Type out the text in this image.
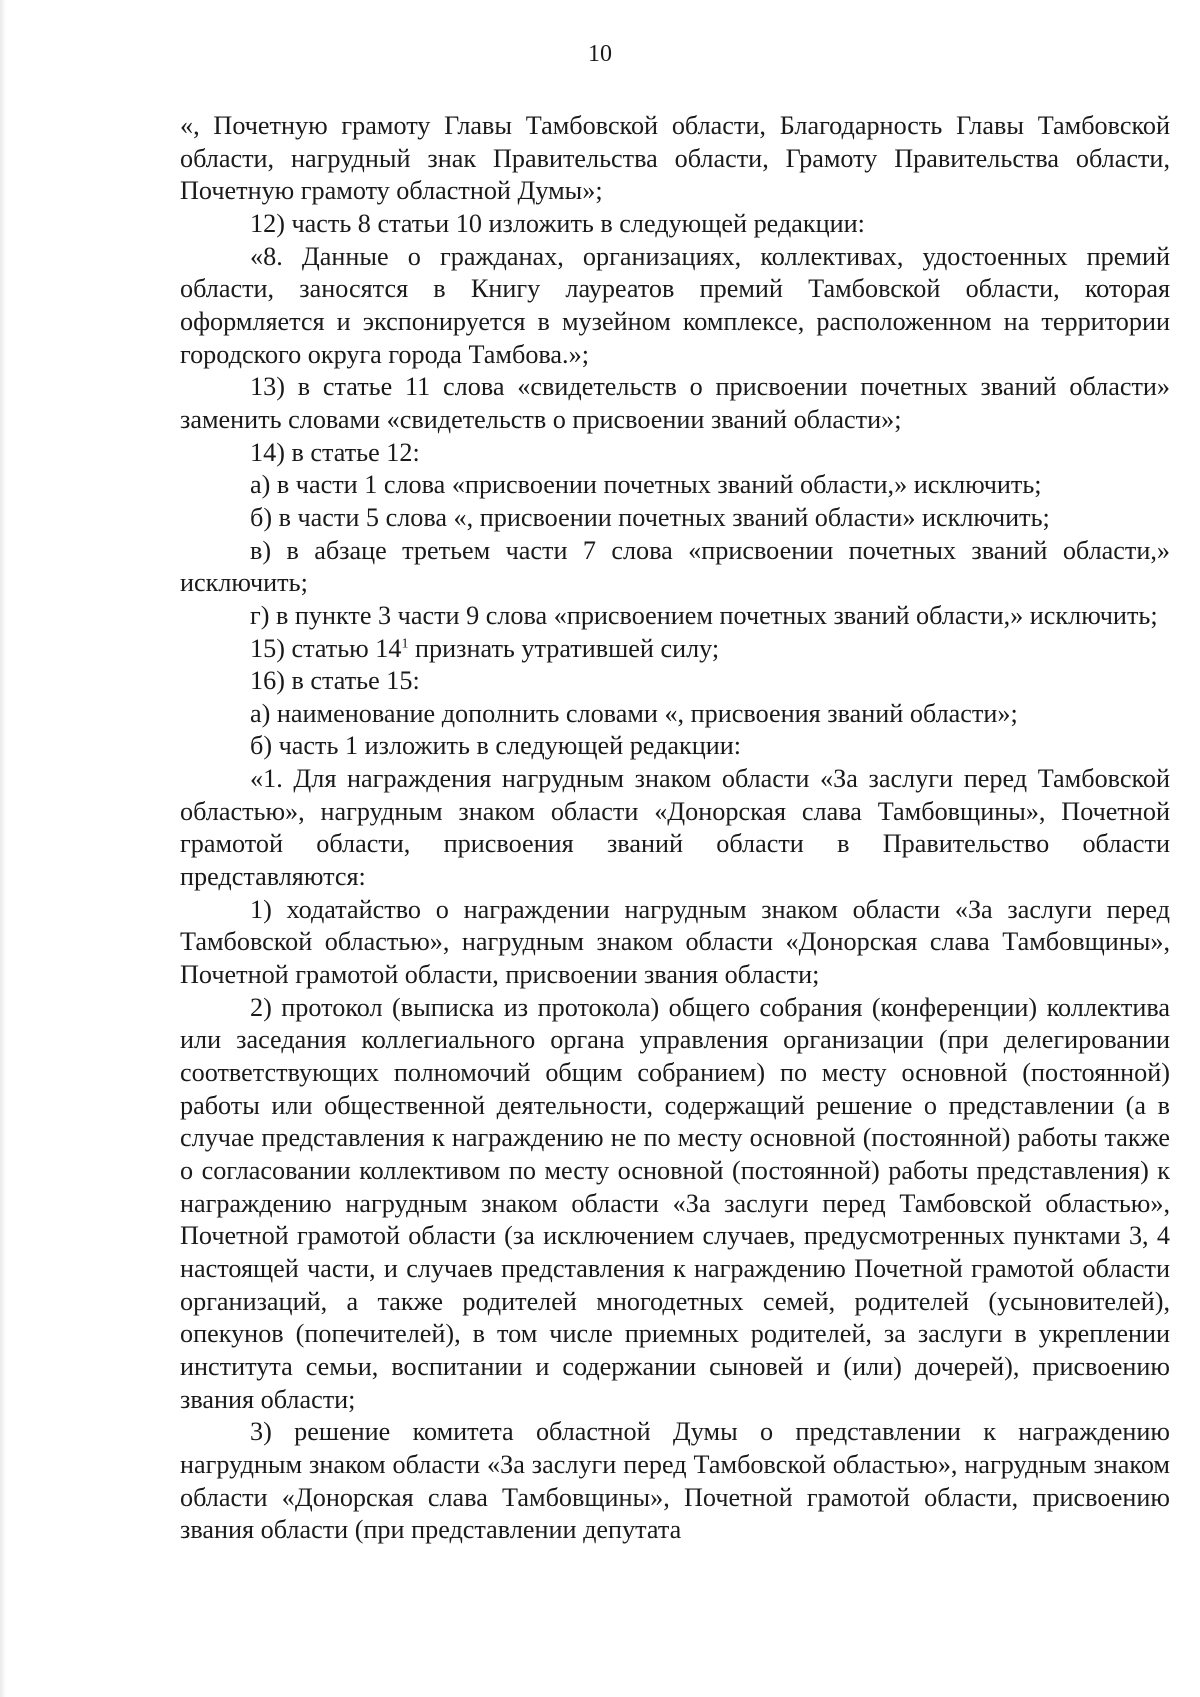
10

«, Почетную грамоту Главы Тамбовской области, Благодарность Главы Тамбовской области, нагрудный знак Правительства области, Грамоту Правительства области, Почетную грамоту областной Думы»;

12) часть 8 статьи 10 изложить в следующей редакции:

«8. Данные о гражданах, организациях, коллективах, удостоенных премий области, заносятся в Книгу лауреатов премий Тамбовской области, которая оформляется и экспонируется в музейном комплексе, расположенном на территории городского округа города Тамбова.»;

13) в статье 11 слова «свидетельств о присвоении почетных званий области» заменить словами «свидетельств о присвоении званий области»;

14) в статье 12:

а) в части 1 слова «присвоении почетных званий области,» исключить;

б) в части 5 слова «, присвоении почетных званий области» исключить;

в) в абзаце третьем части 7 слова «присвоении почетных званий области,» исключить;

г) в пункте 3 части 9 слова «присвоением почетных званий области,» исключить;

15) статью $14^1$ признать утратившей силу;

16) в статье 15:

а) наименование дополнить словами «, присвоения званий области»;

б) часть 1 изложить в следующей редакции:

«1. Для награждения нагрудным знаком области «За заслуги перед Тамбовской областью», нагрудным знаком области «Донорская слава Тамбовщины», Почетной грамотой области, присвоения званий области в Правительство области представляются:

1) ходатайство о награждении нагрудным знаком области «За заслуги перед Тамбовской областью», нагрудным знаком области «Донорская слава Тамбовщины», Почетной грамотой области, присвоении звания области;

2) протокол (выписка из протокола) общего собрания (конференции) коллектива или заседания коллегиального органа управления организации (при делегировании соответствующих полномочий общим собранием) по месту основной (постоянной) работы или общественной деятельности, содержащий решение о представлении (а в случае представления к награждению не по месту основной (постоянной) работы также о согласовании коллективом по месту основной (постоянной) работы представления) к награждению нагрудным знаком области «За заслуги перед Тамбовской областью», Почетной грамотой области (за исключением случаев, предусмотренных пунктами 3, 4 настоящей части, и случаев представления к награждению Почетной грамотой области организаций, а также родителей многодетных семей, родителей (усыновителей), опекунов (попечителей), в том числе приемных родителей, за заслуги в укреплении института семьи, воспитании и содержании сыновей и (или) дочерей), присвоению звания области;

3) решение комитета областной Думы о представлении к награждению нагрудным знаком области «За заслуги перед Тамбовской областью», нагрудным знаком области «Донорская слава Тамбовщины», Почетной грамотой области, присвоению звания области (при представлении депутата
